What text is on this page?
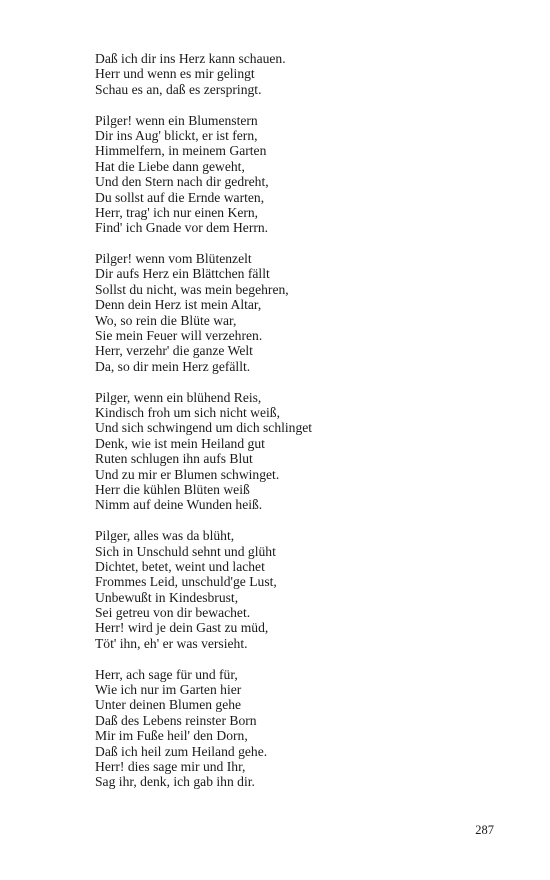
Daß ich dir ins Herz kann schauen.
Herr und wenn es mir gelingt
Schau es an, daß es zerspringt.
Pilger! wenn ein Blumenstern
Dir ins Aug' blickt, er ist fern,
Himmelfern, in meinem Garten
Hat die Liebe dann geweht,
Und den Stern nach dir gedreht,
Du sollst auf die Ernde warten,
Herr, trag' ich nur einen Kern,
Find' ich Gnade vor dem Herrn.
Pilger! wenn vom Blütenzelt
Dir aufs Herz ein Blättchen fällt
Sollst du nicht, was mein begehren,
Denn dein Herz ist mein Altar,
Wo, so rein die Blüte war,
Sie mein Feuer will verzehren.
Herr, verzehr' die ganze Welt
Da, so dir mein Herz gefällt.
Pilger, wenn ein blühend Reis,
Kindisch froh um sich nicht weiß,
Und sich schwingend um dich schlinget
Denk, wie ist mein Heiland gut
Ruten schlugen ihn aufs Blut
Und zu mir er Blumen schwinget.
Herr die kühlen Blüten weiß
Nimm auf deine Wunden heiß.
Pilger, alles was da blüht,
Sich in Unschuld sehnt und glüht
Dichtet, betet, weint und lachet
Frommes Leid, unschuld'ge Lust,
Unbewußt in Kindesbrust,
Sei getreu von dir bewachet.
Herr! wird je dein Gast zu müd,
Töt' ihn, eh' er was versieht.
Herr, ach sage für und für,
Wie ich nur im Garten hier
Unter deinen Blumen gehe
Daß des Lebens reinster Born
Mir im Fuße heil' den Dorn,
Daß ich heil zum Heiland gehe.
Herr! dies sage mir und Ihr,
Sag ihr, denk, ich gab ihn dir.
287
